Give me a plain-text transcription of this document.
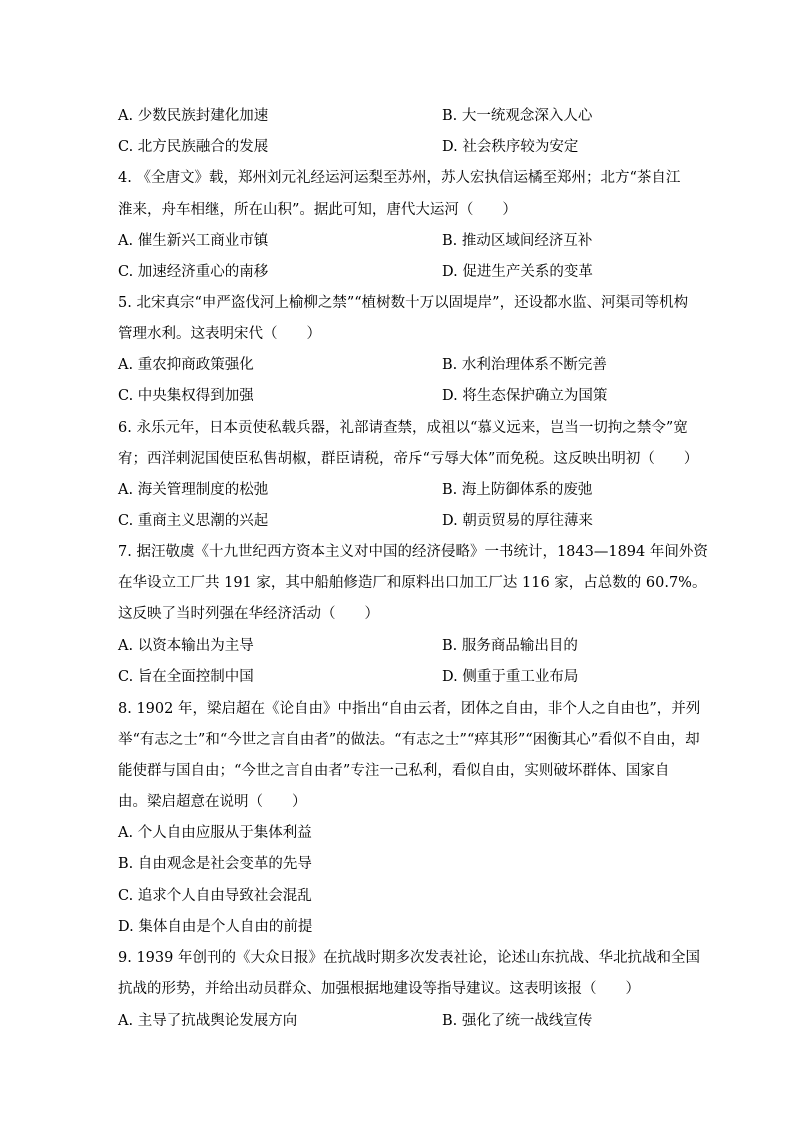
A. 少数民族封建化加速	B. 大一统观念深入人心
C. 北方民族融合的发展	D. 社会秩序较为安定
4. 《全唐文》载，郑州刘元礼经运河运梨至苏州，苏人宏执信运橘至郑州；北方“茶自江
淮来，舟车相继，所在山积”。据此可知，唐代大运河（　　）
A. 催生新兴工商业市镇	B. 推动区域间经济互补
C. 加速经济重心的南移	D. 促进生产关系的变革
5. 北宋真宗“申严盗伐河上榆柳之禁”“植树数十万以固堤岸”，还设都水监、河渠司等机构
管理水利。这表明宋代（　　）
A. 重农抑商政策强化	B. 水利治理体系不断完善
C. 中央集权得到加强	D. 将生态保护确立为国策
6. 永乐元年，日本贡使私载兵器，礼部请查禁，成祖以“慕义远来，岂当一切拘之禁令”宽
宥；西洋剌泥国使臣私售胡椒，群臣请税，帝斥“亏辱大体”而免税。这反映出明初（　　）
A. 海关管理制度的松弛	B. 海上防御体系的废弛
C. 重商主义思潮的兴起	D. 朝贡贸易的厚往薄来
7. 据汪敬虞《十九世纪西方资本主义对中国的经济侵略》一书统计，1843—1894 年间外资
在华设立工厂共 191 家，其中船舶修造厂和原料出口加工厂达 116 家，占总数的 60.7%。
这反映了当时列强在华经济活动（　　）
A. 以资本输出为主导	B. 服务商品输出目的
C. 旨在全面控制中国	D. 侧重于重工业布局
8. 1902 年，梁启超在《论自由》中指出“自由云者，团体之自由，非个人之自由也”，并列
举“有志之士”和“今世之言自由者”的做法。“有志之士”“瘁其形”“困衡其心”看似不自由，却
能使群与国自由；“今世之言自由者”专注一己私利，看似自由，实则破坏群体、国家自
由。梁启超意在说明（　　）
A. 个人自由应服从于集体利益
B. 自由观念是社会变革的先导
C. 追求个人自由导致社会混乱
D. 集体自由是个人自由的前提
9. 1939 年创刊的《大众日报》在抗战时期多次发表社论，论述山东抗战、华北抗战和全国
抗战的形势，并给出动员群众、加强根据地建设等指导建议。这表明该报（　　）
A. 主导了抗战舆论发展方向	B. 强化了统一战线宣传
